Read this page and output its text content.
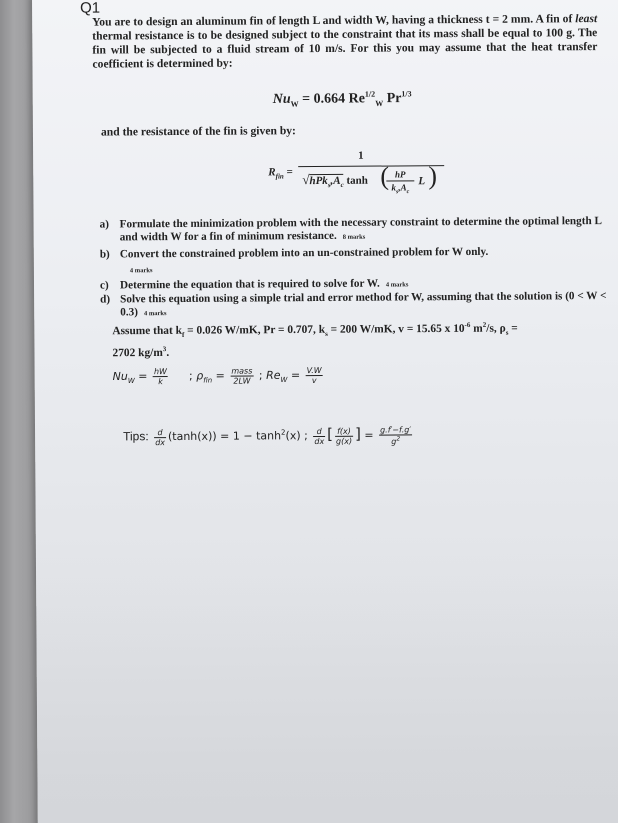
Q1
You are to design an aluminum fin of length L and width W, having a thickness t = 2 mm. A fin of least thermal resistance is to be designed subject to the constraint that its mass shall be equal to 100 g. The fin will be subjected to a fluid stream of 10 m/s. For this you may assume that the heat transfer coefficient is determined by:
$Nu_W = 0.664$ $Re^{1/2}_W$ $Pr^{1/3}$
and the resistance of the fin is given by:
$R_{fin}$ =
1
$√hPk_s,A_c$ tanh ( hP
$k_s,A_c$
L )
a) Formulate the minimization problem with the necessary constraint to determine the optimal length L and width W for a fin of minimum resistance. 8 marks
b) Convert the constrained problem into an un-constrained problem for W only.
4 marks
c)	Determine the equation that is required to solve for W. 4 marks
d) Solve this equation using a simple trial and error method for W, assuming that the solution is (0 < W < 0.3) 4 marks
Assume that $k_f = 0.026$ W/mK, Pr = 0.707, $k_s = 200$ W/mK, v = 15.65 x $10^{-6}$ $m^2/s$, $\rho_s$ =
2702 $kg/m^3$.
$Nu_W = \frac{hW}{k}$ ; $\rho_{fin} = \frac{\text{mass}}{2LW}$ ; $Re_W = \frac{V.W}{v}$
Tips: $\frac{d}{dx} (\tanh(x)) = 1 - \tanh^2(x)$ ; $\frac{d}{dx}$ [ $\frac{f(x)}{g(x)}$ ] = $\frac{g.f'-f.g'}{g^2}$
